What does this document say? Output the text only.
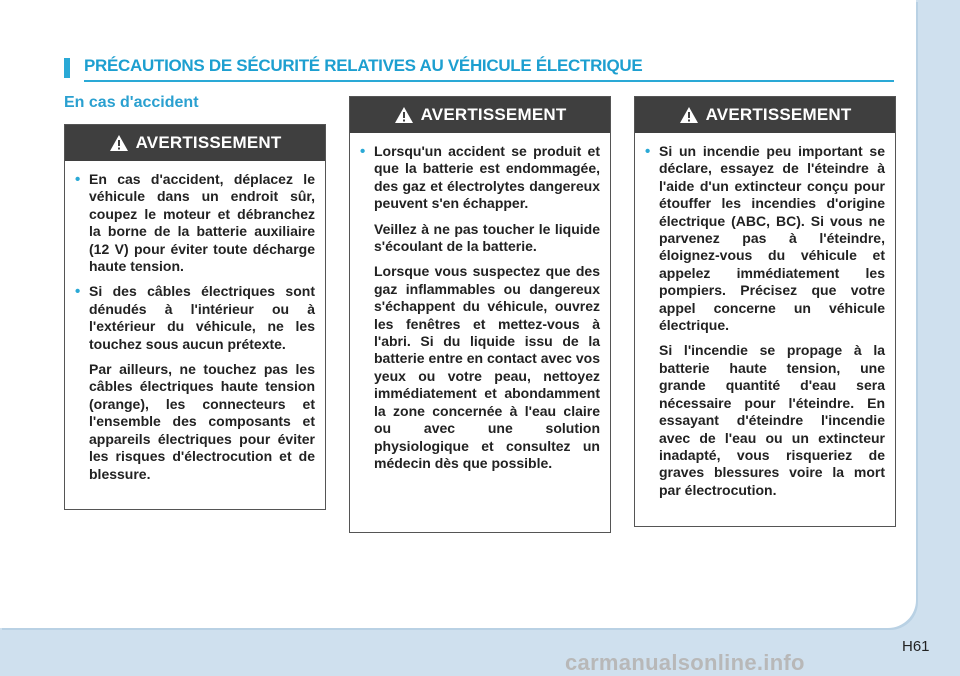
PRÉCAUTIONS DE SÉCURITÉ RELATIVES AU VÉHICULE ÉLECTRIQUE
En cas d'accident
AVERTISSEMENT
• En cas d'accident, déplacez le véhicule dans un endroit sûr, coupez le moteur et débranchez la borne de la batterie auxiliaire (12 V) pour éviter toute décharge haute tension.
• Si des câbles électriques sont dénudés à l'intérieur ou à l'extérieur du véhicule, ne les touchez sous aucun prétexte.
Par ailleurs, ne touchez pas les câbles électriques haute tension (orange), les connecteurs et l'ensemble des composants et appareils électriques pour éviter les risques d'électrocution et de blessure.
AVERTISSEMENT
• Lorsqu'un accident se produit et que la batterie est endommagée, des gaz et électrolytes dangereux peuvent s'en échapper.
Veillez à ne pas toucher le liquide s'écoulant de la batterie.
Lorsque vous suspectez que des gaz inflammables ou dangereux s'échappent du véhicule, ouvrez les fenêtres et mettez-vous à l'abri. Si du liquide issu de la batterie entre en contact avec vos yeux ou votre peau, nettoyez immédiatement et abondamment la zone concernée à l'eau claire ou avec une solution physiologique et consultez un médecin dès que possible.
AVERTISSEMENT
• Si un incendie peu important se déclare, essayez de l'éteindre à l'aide d'un extincteur conçu pour étouffer les incendies d'origine électrique (ABC, BC). Si vous ne parvenez pas à l'éteindre, éloignez-vous du véhicule et appelez immédiatement les pompiers. Précisez que votre appel concerne un véhicule électrique.
Si l'incendie se propage à la batterie haute tension, une grande quantité d'eau sera nécessaire pour l'éteindre. En essayant d'éteindre l'incendie avec de l'eau ou un extincteur inadapté, vous risqueriez de graves blessures voire la mort par électrocution.
H61
carmanualsonline.info
